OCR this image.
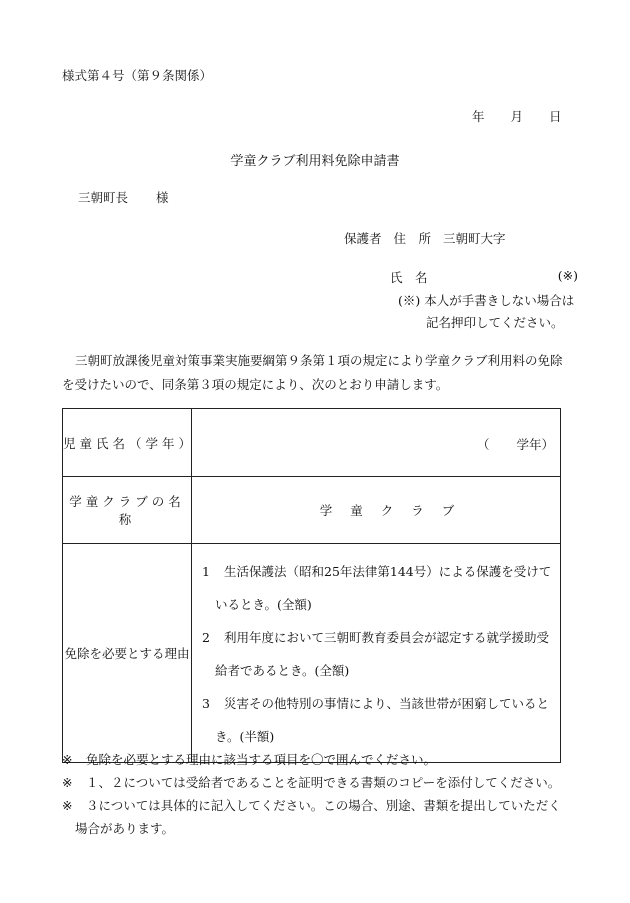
様式第４号（第９条関係）
年 月 日
学童クラブ利用料免除申請書
三朝町長 様
保護者 住　所 三朝町大字
氏　名	(※)
(※) 本人が手書きしない場合は
記名押印してください。
三朝町放課後児童対策事業実施要綱第９条第１項の規定により学童クラブ利用料の免除を受けたいので、同条第３項の規定により、次のとおり申請します。
児童氏名（学年）	（ 学年）

学童クラブの名称	学童クラブ
免除を必要とする理由	1 生活保護法（昭和25年法律第144号）による保護を受けているとき。(全額)
2 利用年度において三朝町教育委員会が認定する就学援助受給者であるとき。(全額)
3 災害その他特別の事情により、当該世帯が困窮しているとき。(半額)
※ 免除を必要とする理由に該当する項目を〇で囲んでください。
※ １、２については受給者であることを証明できる書類のコピーを添付してください。
※ ３については具体的に記入してください。この場合、別途、書類を提出していただく場合があります。
